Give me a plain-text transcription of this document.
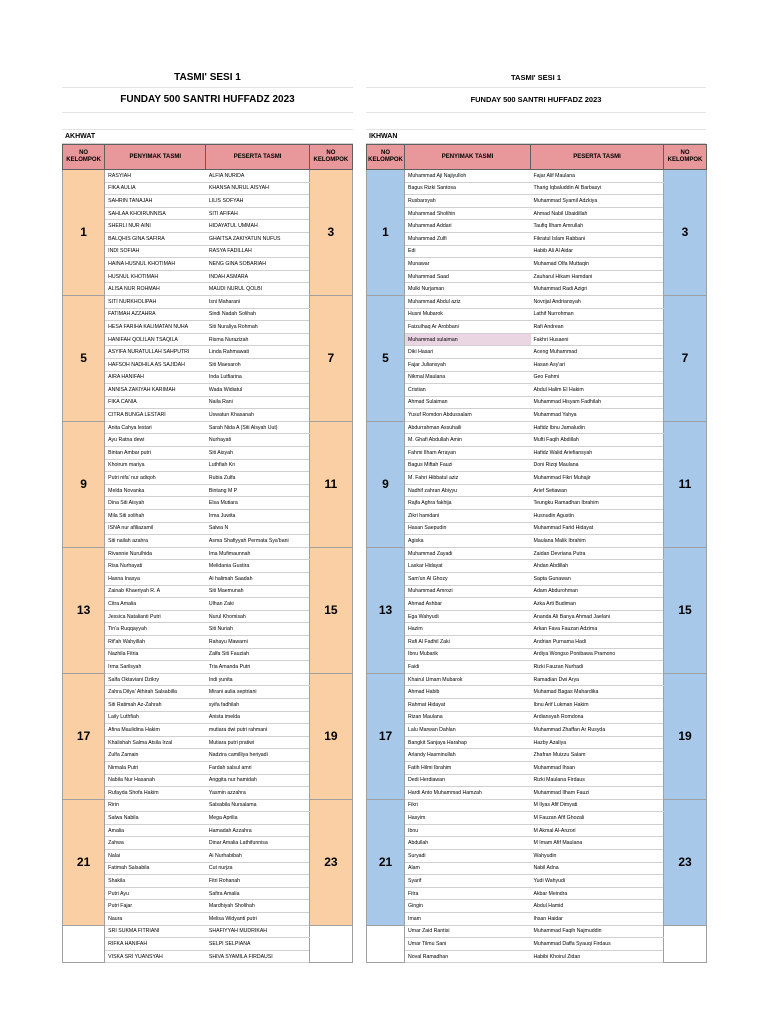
TASMI' SESI 1
FUNDAY 500 SANTRI HUFFADZ 2023
AKHWAT
NO KELOMPOK	PENYIMAK TASMI	PESERTA TASMI	NO KELOMPOK
1	RASYIAH	ALFIA NURIDA	3
	FIKA AULIA	KHANSA NURUL AISYAH	
	SAHRIN TANAJAH	LILIS SOFYAH	
	SAHLAA KHOIRUNNISA	SITI AFIFAH	
	SHERLI NUR AINI	HIDAYATUL UMMAH	
	BALQHIS GINA SAFIRA	GHAITSA ZAKIYATUN NUFUS	
	INDI SOFIAH	RASYA FADILLAH	
	HAINA HUSNUL KHOTIMAH	NENG GINA SOBARIAH	
	HUSNUL KHOTIMAH	INDAH ASMARA	
	ALISA NUR ROHMAH	MAUDI NURUL QOLBI	
5	SITI NURKHOLIPAH	Isni Maharani	7
	FATIMAH AZZAHRA	Sindi Nadah Solihah	
	HESA FARIHA KALIMATAN NUHA	Siti Nuraliya Rohmah	
	HANIFAH QOLILAN TSAQILA	Risma Nurazizah	
	ASYIFA NURATULLAH SAHPUTRI	Linda Rahmawati	
	HAFSOH NADHILA AS SAJIDAH	Siti Maesaroh	
	AIRA HANIFAH	Inda Lutfiarina	
	ANNISA ZAKIYAH KARIMAH	Wada Widiatul	
	FIKA CANIA	Naila Rani	
	CITRA BUNGA LESTARI	Uswatun Khasanah	
9	Anita Cahya lestari	Sarah Nida A (Siti Aisyah Uut)	11
	Ayu Ratna dewi	Nurhayati	
	Bintan Ambar putri	Siti Aisyah	
	Khoirum mariya	Luthfiah Kn	
	Putri nifa' nur adiqoh	Rubia Zulfa	
	Melda Novanka	Bintang M P	
	Dina Siti Aisyah	Elsa Mutiara	
	Mila Siti solihah	Irma Juwita	
	ISNA nur afiliazamil	Salwa N	
	Siti nailah azahra	Asma Shafiyyah Permata Sya'bani	
13	Rivannie Nurulhida	Ima Mufimaunnah	15
	Risa Nurhayati	Melidania Gustira	
	Hasna Inasya	Ai halimah Saadah	
	Zainab Khaeriyah R. A	Siti Maemunah	
	Citra Amalia	Ulhan Zaki	
	Jessica Natalianti Putri	Nurul Khomisah	
	Tin'a Ruqqayyah	Siti Nuriah	
	Rif'ah Wahyillah	Rahayu Mawarni	
	Nazhila Fitria	Zalfa Siti Fauziah	
	Irma Sarilsyah	Tria Amanda Putri	
17	Salfa Oktaviani Dzikry	Indi yunita	19
	Zahra Dilya' Athirah Salsabilla	Mirani aulia septriani	
	Siti Ratimah Az-Zahrah	syifa fadhilah	
	Laily Luthfiah	Anista imelda	
	Afina Maulidina Hakim	mutiara dwi putri rahmani	
	Khalishah Salma Atsila Irzal	Mutiara putri pratiwi	
	Zulfa Zamain	Nadzira camilliya heriyadi	
	Nirmala Putri	Fardah salsul amri	
	Nabila Nur Hasanah	Anggita nur hamidah	
	Rufayda Shofa Hakim	Yasmin azzahra	
21	Ririn	Salsabila Nursalama	23
	Salwa Nabila	Mega Aprilia	
	Amalia	Hamadah Azzahra	
	Zahwa	Dinar Amalia Lathifunnisa	
	Nalai	Ai Nurhabibah	
	Fatimah Salsabila	Cut nurjza	
	Shakila	Fitri Rohanah	
	Putri Ayu	Safira Amalia	
	Putri Fajar	Mardhiyah Sholihah	
	Naura	Melisa Widyanti putri	
	SRI SUKMA FITRIANI	SHAFIYYAH MUDRIKAH	
	RIFKA HANIFAH	SELPI SELPIANA	
	VISKA SRI YUANSYAH	SHIVA SYAMILA FIRDAUSI	
TASMI' SESI 1
FUNDAY 500 SANTRI HUFFADZ 2023
IKHWAN
NO KELOMPOK	PENYIMAK TASMI	PESERTA TASMI	NO KELOMPOK
1	Muhammad Aji Najiyulloh	Fajar Alif Maulana	3
	Bagus Rizki Santosa	Tharig Iqbaluddin Al Barbasyi	
	Rusbarsyah	Muhammad Syamil Adzkiya	
	Muhammad Sholihin	Ahmad Nabil Ubaidillah	
	Muhammad Addari	Taufiq Ilham Amrullah	
	Muhammad Zulfi	Fikratul Islam Rabbani	
	Edi	Habib Ali Al Aidar	
	Munawar	Muhamad Olfa Muttaqin	
	Muhammad Saad	Zauharul Hikam Hamdani	
	Mulki Nurjaman	Muhammad Radi Azigri	
5	Muhammad Abdul aziz	Novrijal Andriansyah	7
	Husni Mubarok	Lathif Nurrohman	
	Faizulhaq Ar Arobbani	Rafi Andrean	
	Muhammad sulaiman	Fakhri Husaeni	
	Diki Hasari	Aceng Muhammad	
	Fajar Juliansyah	Hasan Asy'ari	
	Nikmal Maulana	Geo Fahmi	
	Cristian	Abdul Halim El Hakim	
	Ahmad Sulaiman	Muhammad Hisyam Fadhilah	
	Yusuf Romdon Abdussalam	Muhammad Yahya	
9	Abdurrahman Assuhaili	Hafidz Ibnu Jamaludin	11
	M. Ghafi Abdullah Amin	Mufti Faqih Abdillah	
	Fahmi Ilham Arrayan	Hafidz Walid Ariefiansyah	
	Bagus Miftah Fauzi	Doni Rizqi Maulana	
	M. Fahri Hibbatul aziz	Muhammad Fikri Muhajir	
	Nadhif zahran Abiyyu	Arief Setiawan	
	Rajfa Aghra fakhija	Teungku Ramadhan Ibrahim	
	Zikri hamdani	Husnudin Agustin	
	Hasan Saepudin	Muhammad Farid Hidayat	
	Agiska	Maulana Malik Ibrahim	
13	Muhammad Zayadi	Zaidan Devriana Putra	15
	Laskar Hidayat	Ahdan Abdillah	
	Sam'un Al Ghozy	Sapta Gunawan	
	Muhammad Amrozi	Adam Abdurohman	
	Ahmad Ashbar	Azka Arti Budiman	
	Ega Wahyudi	Ananda Ali Banya Ahmad Jaelani	
	Hazim	Arkan Fava Fauzan Adzima	
	Rafi Al Fadhil Zaki	Andrian Purnama Hadi	
	Ibnu Mubarik	Ardiya Wongso Ponibawa Pramono	
	Faidi	Rizki Fauzan Nurhadi	
17	Khairul Umam Mubarok	Ramadian Dwi Arya	19
	Ahmad Habib	Muhamad Bagas Mahardika	
	Rahmat Hidayat	Ibnu Arif Lukman Hakim	
	Rizan Maulana	Ardiansyah Romdona	
	Lalu Marwan Dahlan	Muhammad Zhaffan Ar Rusyda	
	Bangkit Sanjaya Harahap	Hazby Azaliya	
	Arlandy Hasminullah	Zhafran Muizzu Salam	
	Fatih Hilmi Ibrahim	Muhammad Ihsan	
	Dedi Herdiawan	Rizki Maulana Firdaus	
	Hardi Anto Muhammad Hamzah	Muhammad Ilham Fauzi	
21	Fikri	M Ilyas Afif Dimyati	23
	Hasyim	M Fauzan Afif Ghozali	
	Ibnu	M Akmal Al-Anzori	
	Abdullah	M Imam Afif Maulana	
	Suryadi	Wahyudin	
	Alam	Nabil Adna	
	Syarif	Yudi Wahyudi	
	Fitra	Akbar Meindra	
	Gingin	Abdul Hamid	
	Imam	Ihsan Haidar	
	Umar Zaid Rantisi	Muhammad Faqih Najmuddin	
	Umar Tilmu Sani	Muhammad Daffa Syauqi Firdaus	
	Noval Ramadhan	Habibi Khoirul Zidan	
